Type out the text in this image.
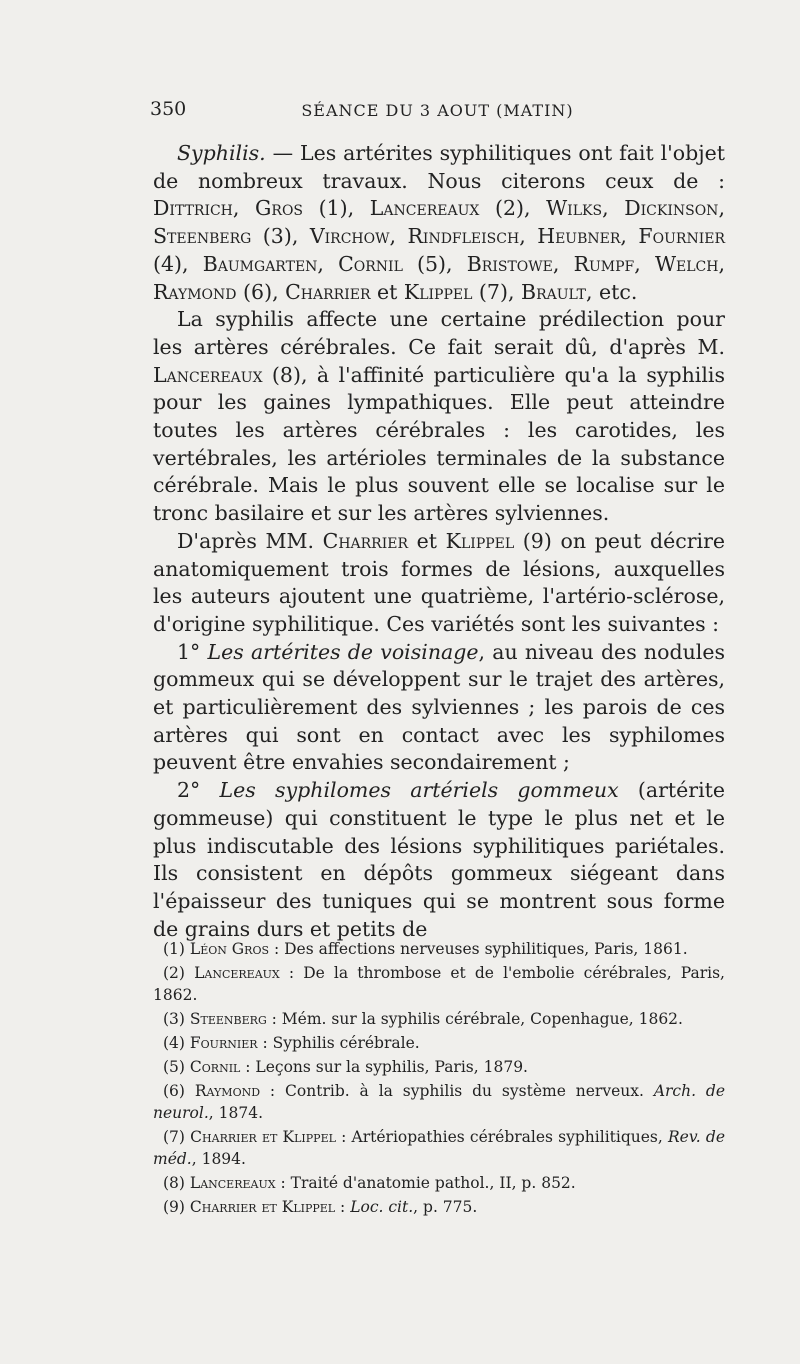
350	SÉANCE DU 3 AOUT (MATIN)

Syphilis. — Les artérites syphilitiques ont fait l'objet de nombreux travaux. Nous citerons ceux de : Dittrich, Gros (1), Lancereaux (2), Wilks, Dickinson, Steenberg (3), Virchow, Rindfleisch, Heubner, Fournier (4), Baumgarten, Cornil (5), Bristowe, Rumpf, Welch, Raymond (6), Charrier et Klippel (7), Brault, etc.

La syphilis affecte une certaine prédilection pour les artères cérébrales. Ce fait serait dû, d'après M. Lancereaux (8), à l'affinité particulière qu'a la syphilis pour les gaines lympathiques. Elle peut atteindre toutes les artères cérébrales : les carotides, les vertébrales, les artérioles terminales de la substance cérébrale. Mais le plus souvent elle se localise sur le tronc basilaire et sur les artères sylviennes.

D'après MM. Charrier et Klippel (9) on peut décrire anatomiquement trois formes de lésions, auxquelles les auteurs ajoutent une quatrième, l'artério-sclérose, d'origine syphilitique. Ces variétés sont les suivantes :

1° Les artérites de voisinage, au niveau des nodules gommeux qui se développent sur le trajet des artères, et particulièrement des sylviennes ; les parois de ces artères qui sont en contact avec les syphilomes peuvent être envahies secondairement ;

2° Les syphilomes artériels gommeux (artérite gommeuse) qui constituent le type le plus net et le plus indiscutable des lésions syphilitiques pariétales. Ils consistent en dépôts gommeux siégeant dans l'épaisseur des tuniques qui se montrent sous forme de grains durs et petits de

(1) Léon Gros : Des affections nerveuses syphilitiques, Paris, 1861.

(2) Lancereaux : De la thrombose et de l'embolie cérébrales, Paris, 1862.

(3) Steenberg : Mém. sur la syphilis cérébrale, Copenhague, 1862.

(4) Fournier : Syphilis cérébrale.

(5) Cornil : Leçons sur la syphilis, Paris, 1879.

(6) Raymond : Contrib. à la syphilis du système nerveux. Arch. de neurol., 1874.

(7) Charrier et Klippel : Artériopathies cérébrales syphilitiques, Rev. de méd., 1894.

(8) Lancereaux : Traité d'anatomie pathol., II, p. 852.

(9) Charrier et Klippel : Loc. cit., p. 775.
